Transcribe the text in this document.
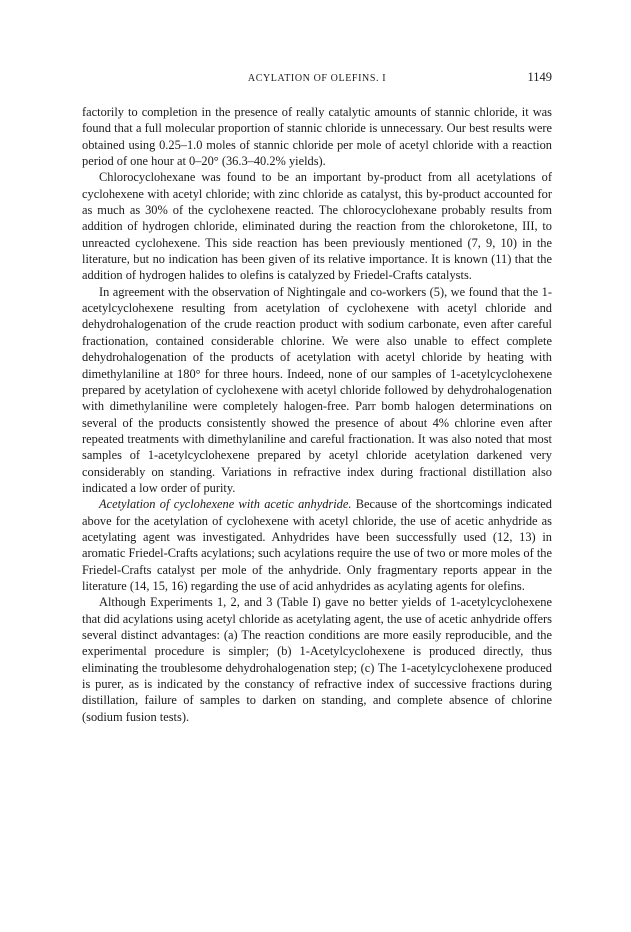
ACYLATION OF OLEFINS. I	1149

factorily to completion in the presence of really catalytic amounts of stannic chloride, it was found that a full molecular proportion of stannic chloride is unnecessary. Our best results were obtained using 0.25–1.0 moles of stannic chloride per mole of acetyl chloride with a reaction period of one hour at 0–20° (36.3–40.2% yields).

Chlorocyclohexane was found to be an important by-product from all acetylations of cyclohexene with acetyl chloride; with zinc chloride as catalyst, this by-product accounted for as much as 30% of the cyclohexene reacted. The chlorocyclohexane probably results from addition of hydrogen chloride, eliminated during the reaction from the chloroketone, III, to unreacted cyclohexene. This side reaction has been previously mentioned (7, 9, 10) in the literature, but no indication has been given of its relative importance. It is known (11) that the addition of hydrogen halides to olefins is catalyzed by Friedel-Crafts catalysts.

In agreement with the observation of Nightingale and co-workers (5), we found that the 1-acetylcyclohexene resulting from acetylation of cyclohexene with acetyl chloride and dehydrohalogenation of the crude reaction product with sodium carbonate, even after careful fractionation, contained considerable chlorine. We were also unable to effect complete dehydrohalogenation of the products of acetylation with acetyl chloride by heating with dimethylaniline at 180° for three hours. Indeed, none of our samples of 1-acetylcyclohexene prepared by acetylation of cyclohexene with acetyl chloride followed by dehydrohalogenation with dimethylaniline were completely halogen-free. Parr bomb halogen determinations on several of the products consistently showed the presence of about 4% chlorine even after repeated treatments with dimethylaniline and careful fractionation. It was also noted that most samples of 1-acetylcyclohexene prepared by acetyl chloride acetylation darkened very considerably on standing. Variations in refractive index during fractional distillation also indicated a low order of purity.

Acetylation of cyclohexene with acetic anhydride. Because of the shortcomings indicated above for the acetylation of cyclohexene with acetyl chloride, the use of acetic anhydride as acetylating agent was investigated. Anhydrides have been successfully used (12, 13) in aromatic Friedel-Crafts acylations; such acylations require the use of two or more moles of the Friedel-Crafts catalyst per mole of the anhydride. Only fragmentary reports appear in the literature (14, 15, 16) regarding the use of acid anhydrides as acylating agents for olefins.

Although Experiments 1, 2, and 3 (Table I) gave no better yields of 1-acetylcyclohexene that did acylations using acetyl chloride as acetylating agent, the use of acetic anhydride offers several distinct advantages: (a) The reaction conditions are more easily reproducible, and the experimental procedure is simpler; (b) 1-Acetylcyclohexene is produced directly, thus eliminating the troublesome dehydrohalogenation step; (c) The 1-acetylcyclohexene produced is purer, as is indicated by the constancy of refractive index of successive fractions during distillation, failure of samples to darken on standing, and complete absence of chlorine (sodium fusion tests).
